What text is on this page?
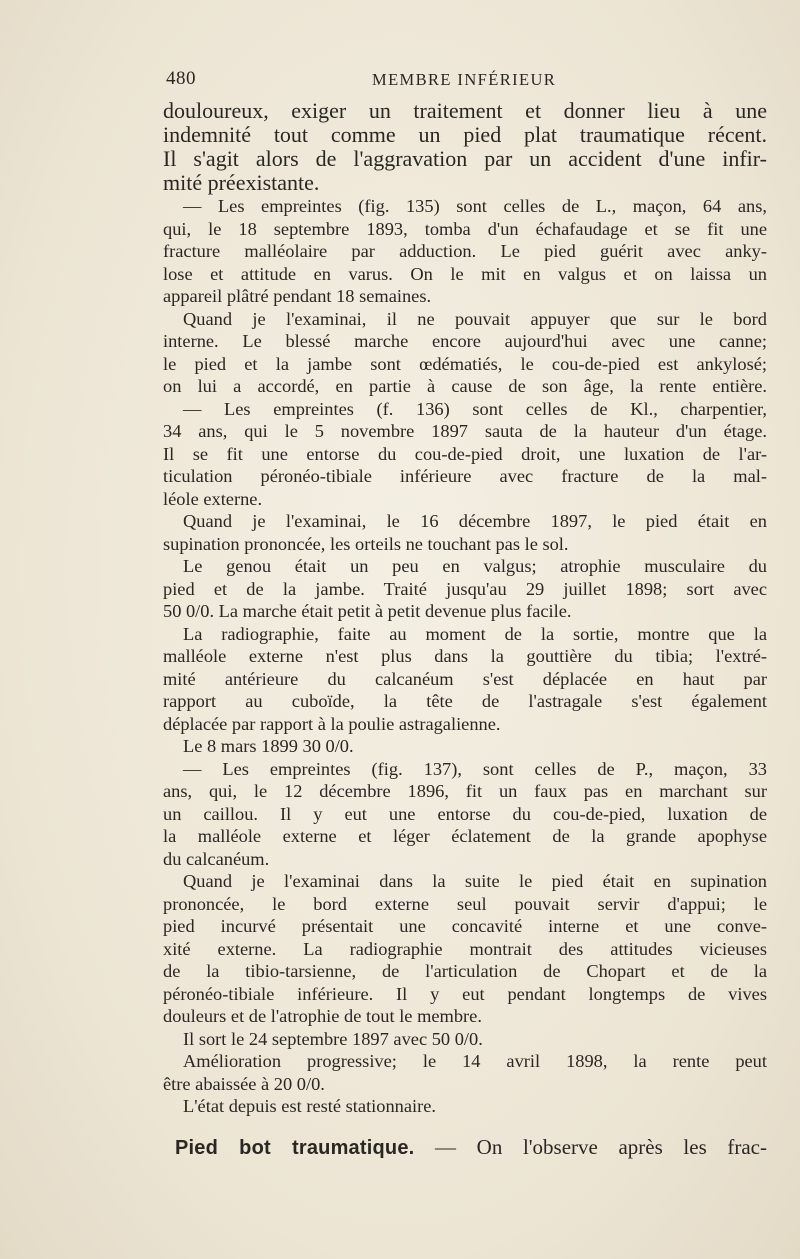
480	MEMBRE INFÉRIEUR
douloureux, exiger un traitement et donner lieu à une
indemnité tout comme un pied plat traumatique récent.
Il s'agit alors de l'aggravation par un accident d'une infir-
mité préexistante.
— Les empreintes (fig. 135) sont celles de L., maçon, 64 ans,
qui, le 18 septembre 1893, tomba d'un échafaudage et se fit une
fracture malléolaire par adduction. Le pied guérit avec anky-
lose et attitude en varus. On le mit en valgus et on laissa un
appareil plâtré pendant 18 semaines.
Quand je l'examinai, il ne pouvait appuyer que sur le bord
interne. Le blessé marche encore aujourd'hui avec une canne;
le pied et la jambe sont œdématiés, le cou-de-pied est ankylosé;
on lui a accordé, en partie à cause de son âge, la rente entière.
— Les empreintes (f. 136) sont celles de Kl., charpentier,
34 ans, qui le 5 novembre 1897 sauta de la hauteur d'un étage.
Il se fit une entorse du cou-de-pied droit, une luxation de l'ar-
ticulation péronéo-tibiale inférieure avec fracture de la mal-
léole externe.
Quand je l'examinai, le 16 décembre 1897, le pied était en
supination prononcée, les orteils ne touchant pas le sol.
Le genou était un peu en valgus; atrophie musculaire du
pied et de la jambe. Traité jusqu'au 29 juillet 1898; sort avec
50 0/0. La marche était petit à petit devenue plus facile.
La radiographie, faite au moment de la sortie, montre que la
malléole externe n'est plus dans la gouttière du tibia; l'extré-
mité antérieure du calcanéum s'est déplacée en haut par
rapport au cuboïde, la tête de l'astragale s'est également
déplacée par rapport à la poulie astragalienne.
Le 8 mars 1899 30 0/0.
— Les empreintes (fig. 137), sont celles de P., maçon, 33
ans, qui, le 12 décembre 1896, fit un faux pas en marchant sur
un caillou. Il y eut une entorse du cou-de-pied, luxation de
la malléole externe et léger éclatement de la grande apophyse
du calcanéum.
Quand je l'examinai dans la suite le pied était en supination
prononcée, le bord externe seul pouvait servir d'appui; le
pied incurvé présentait une concavité interne et une conve-
xité externe. La radiographie montrait des attitudes vicieuses
de la tibio-tarsienne, de l'articulation de Chopart et de la
péronéo-tibiale inférieure. Il y eut pendant longtemps de vives
douleurs et de l'atrophie de tout le membre.
Il sort le 24 septembre 1897 avec 50 0/0.
Amélioration progressive; le 14 avril 1898, la rente peut
être abaissée à 20 0/0.
L'état depuis est resté stationnaire.
Pied bot traumatique. — On l'observe après les frac-
